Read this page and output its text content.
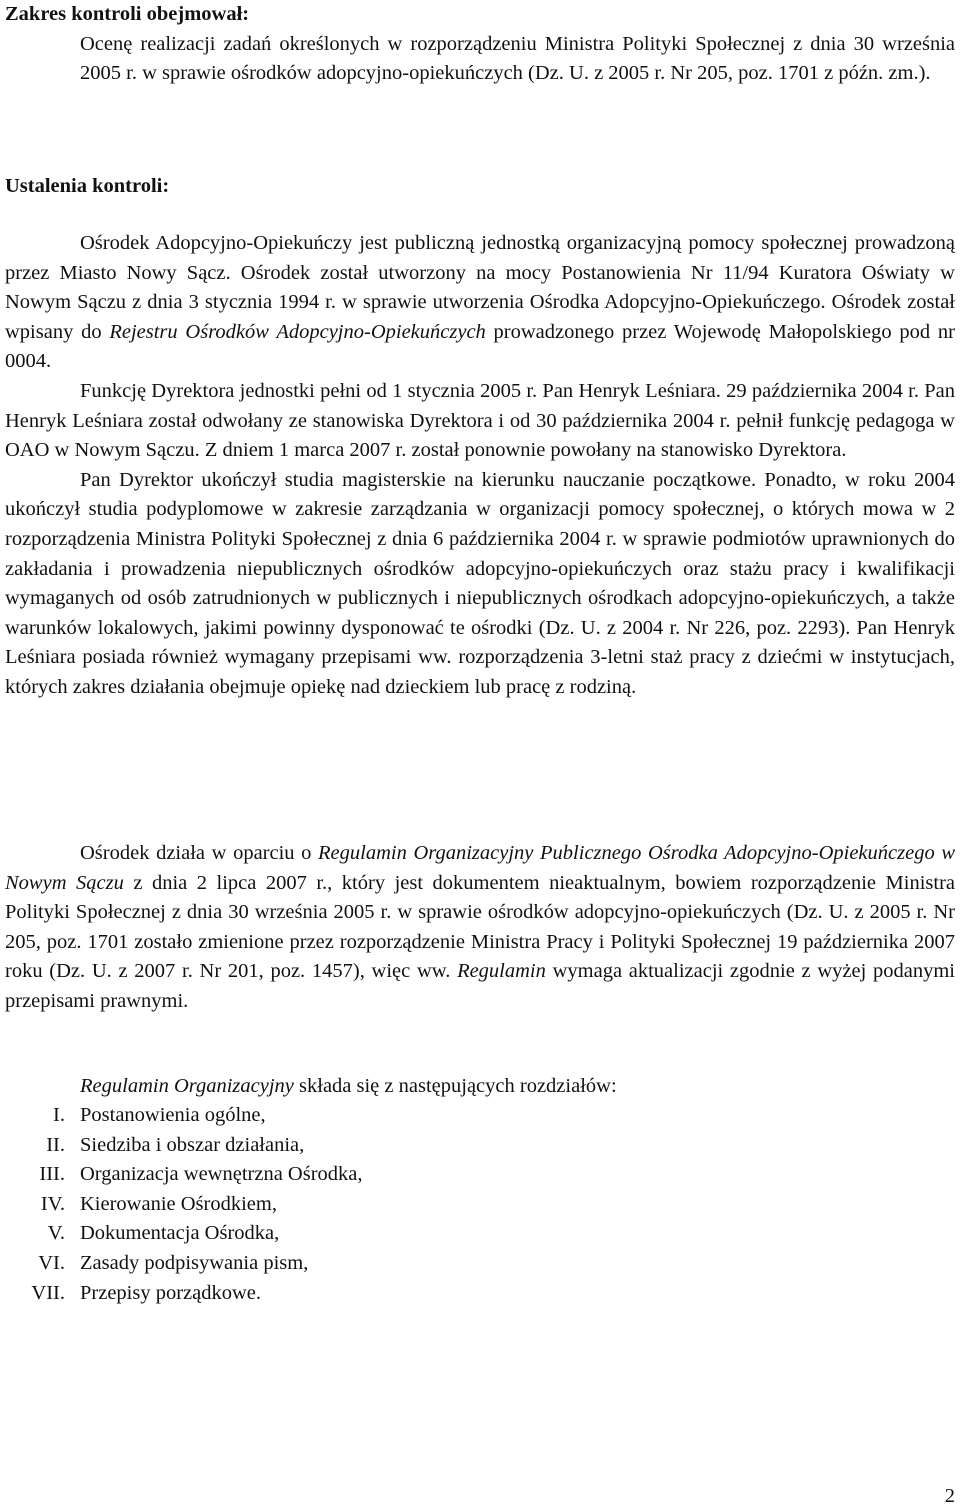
Zakres kontroli obejmował:
Ocenę realizacji zadań określonych w rozporządzeniu Ministra Polityki Społecznej z dnia 30 września 2005 r. w sprawie ośrodków adopcyjno-opiekuńczych (Dz. U. z 2005 r. Nr 205, poz. 1701 z późn. zm.).
Ustalenia kontroli:

Ośrodek Adopcyjno-Opiekuńczy jest publiczną jednostką organizacyjną pomocy społecznej prowadzoną przez Miasto Nowy Sącz. Ośrodek został utworzony na mocy Postanowienia Nr 11/94 Kuratora Oświaty w Nowym Sączu z dnia 3 stycznia 1994 r. w sprawie utworzenia Ośrodka Adopcyjno-Opiekuńczego. Ośrodek został wpisany do Rejestru Ośrodków Adopcyjno-Opiekuńczych prowadzonego przez Wojewodę Małopolskiego pod nr 0004.

Funkcję Dyrektora jednostki pełni od 1 stycznia 2005 r. Pan Henryk Leśniara. 29 października 2004 r. Pan Henryk Leśniara został odwołany ze stanowiska Dyrektora i od 30 października 2004 r. pełnił funkcję pedagoga w OAO w Nowym Sączu. Z dniem 1 marca 2007 r. został ponownie powołany na stanowisko Dyrektora.

Pan Dyrektor ukończył studia magisterskie na kierunku nauczanie początkowe. Ponadto, w roku 2004 ukończył studia podyplomowe w zakresie zarządzania w organizacji pomocy społecznej, o których mowa w 2 rozporządzenia Ministra Polityki Społecznej z dnia 6 października 2004 r. w sprawie podmiotów uprawnionych do zakładania i prowadzenia niepublicznych ośrodków adopcyjno-opiekuńczych oraz stażu pracy i kwalifikacji wymaganych od osób zatrudnionych w publicznych i niepublicznych ośrodkach adopcyjno-opiekuńczych, a także warunków lokalowych, jakimi powinny dysponować te ośrodki (Dz. U. z 2004 r. Nr 226, poz. 2293). Pan Henryk Leśniara posiada również wymagany przepisami ww. rozporządzenia 3-letni staż pracy z dziećmi w instytucjach, których zakres działania obejmuje opiekę nad dzieckiem lub pracę z rodziną.

Ośrodek działa w oparciu o Regulamin Organizacyjny Publicznego Ośrodka Adopcyjno-Opiekuńczego w Nowym Sączu z dnia 2 lipca 2007 r., który jest dokumentem nieaktualnym, bowiem rozporządzenie Ministra Polityki Społecznej z dnia 30 września 2005 r. w sprawie ośrodków adopcyjno-opiekuńczych (Dz. U. z 2005 r. Nr 205, poz. 1701 zostało zmienione przez rozporządzenie Ministra Pracy i Polityki Społecznej 19 października 2007 roku (Dz. U. z 2007 r. Nr 201, poz. 1457), więc ww. Regulamin wymaga aktualizacji zgodnie z wyżej podanymi przepisami prawnymi.

Regulamin Organizacyjny składa się z następujących rozdziałów:

I. Postanowienia ogólne,
II. Siedziba i obszar działania,
III. Organizacja wewnętrzna Ośrodka,
IV. Kierowanie Ośrodkiem,
V. Dokumentacja Ośrodka,
VI. Zasady podpisywania pism,
VII. Przepisy porządkowe.
2
